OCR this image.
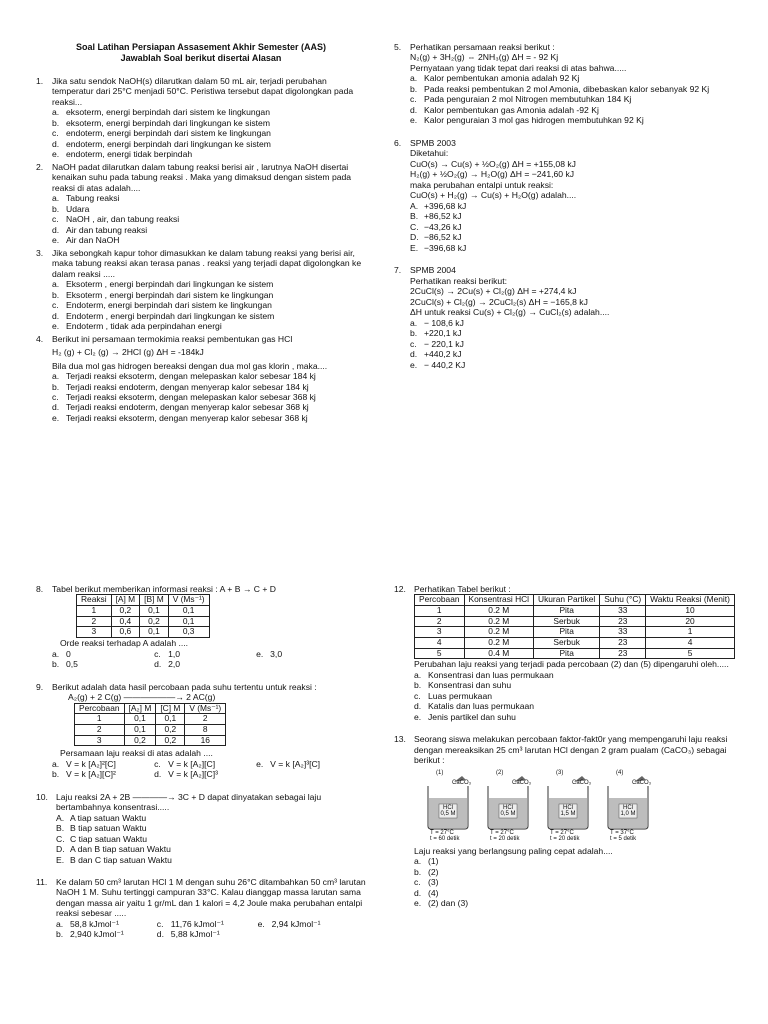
Soal Latihan Persiapan Assasement Akhir Semester (AAS)

Jawablah Soal berikut disertai Alasan

1.	Jika satu sendok NaOH(s) dilarutkan dalam 50 mL air, terjadi perubahan temperatur dari 25°C menjadi 50°C. Peristiwa tersebut dapat digolongkan pada reaksi...
a. eksoterm, energi berpindah dari sistem ke lingkungan
b. eksoterm, energi berpindah dari lingkungan ke sistem
c. endoterm, energi berpindah dari sistem ke lingkungan
d. endoterm, energi berpindah dari lingkungan ke sistem
e. endoterm, energi tidak berpindah
2.	NaOH padat dilarutkan dalam tabung reaksi berisi air , larutnya NaOH disertai kenaikan suhu pada tabung reaksi . Maka yang dimaksud dengan sistem pada reaksi di atas adalah....
a. Tabung reaksi
b. Udara
c. NaOH , air, dan tabung reaksi
d. Air dan tabung reaksi
e. Air dan NaOH
3.	Jika sebongkah kapur tohor dimasukkan ke dalam tabung reaksi yang berisi air, maka tabung reaksi akan terasa panas . reaksi yang terjadi dapat digolongkan ke dalam reaksi .....
a. Eksoterm , energi berpindah dari lingkungan ke sistem
b. Eksoterm , energi berpindah dari sistem ke lingkungan
c. Endoterm, energi berpindah dari sistem ke lingkungan
d. Endoterm , energi berpindah dari lingkungan ke sistem
e. Endoterm , tidak ada perpindahan energi
4.	Berikut ini persamaan termokimia reaksi pembentukan gas HCl
H₂ (g) + Cl₂ (g) → 2HCl (g) ΔH = -184kJ
Bila dua mol gas hidrogen bereaksi dengan dua mol gas klorin , maka....
a. Terjadi reaksi eksoterm, dengan melepaskan kalor sebesar 184 kj
b. Terjadi reaksi endoterm, dengan menyerap kalor sebesar 184 kj
c. Terjadi reaksi eksoterm, dengan melepaskan kalor sebesar 368 kj
d. Terjadi reaksi endoterm, dengan menyerap kalor sebesar 368 kj
e. Terjadi reaksi eksoterm, dengan menyerap kalor sebesar 368 kj
5.	Perhatikan persamaan reaksi berikut :
N₂(g) + 3H₂(g) ⇔ 2NH₃(g) ΔH = - 92 Kj
Pernyataan yang tidak tepat dari reaksi di atas bahwa.....
a. Kalor pembentukan amonia adalah 92 Kj
b. Pada reaksi pembentukan 2 mol Amonia, dibebaskan kalor sebanyak 92 Kj
c. Pada penguraian 2 mol Nitrogen membutuhkan 184 Kj
d. Kalor pembentukan gas Amonia adalah -92 Kj
e. Kalor penguraian 3 mol gas hidrogen membutuhkan 92 Kj
6.	SPMB 2003
Diketahui:
CuO(s) → Cu(s) + ½O₂(g) ΔH = +155,08 kJ
H₂(g) + ½O₂(g) → H₂O(g) ΔH = −241,60 kJ
maka perubahan entalpi untuk reaksi:
CuO(s) + H₂(g) → Cu(s) + H₂O(g) adalah....
A. +396,68 kJ
B. +86,52 kJ
C. −43,26 kJ
D. −86,52 kJ
E. −396,68 kJ
7.	SPMB 2004
Perhatikan reaksi berikut:
2CuCl(s) → 2Cu(s) + Cl₂(g) ΔH = +274,4 kJ
2CuCl(s) + Cl₂(g) → 2CuCl₂(s) ΔH = −165,8 kJ
ΔH untuk reaksi Cu(s) + Cl₂(g) → CuCl₂(s) adalah....
a. − 108,6 kJ
b. +220,1 kJ
c. − 220,1 kJ
d. +440,2 kJ
e. − 440,2 KJ
8.	Tabel berikut memberikan informasi reaksi : A + B → C + D
Reaksi	[A] M	[B] M	V (Ms⁻¹)
1	0,2	0,1	0,1
2	0,4	0,2	0,1
3	0,6	0,1	0,3
Orde reaksi terhadap A adalah ....
a. 0	c. 1,0	e. 3,0
b. 0,5	d. 2,0
9.	Berikut adalah data hasil percobaan pada suhu tertentu untuk reaksi :
A₂(g) + 2 C(g) ——————→ 2 AC(g)
Percobaan	[A₂] M	[C] M	V (Ms⁻¹)
1	0,1	0,1	2
2	0,1	0,2	8
3	0,2	0,2	16
Persamaan laju reaksi di atas adalah ....
a. V = k [A₂]²[C]	c. V = k [A₂][C]	e. V = k [A₂]³[C]
b. V = k [A₂][C]²	d. V = k [A₂][C]³
10. Laju reaksi 2A + 2B ————→ 3C + D dapat dinyatakan sebagai laju bertambahnya konsentrasi.....
A. A tiap satuan Waktu
B. B tiap satuan Waktu
C. C tiap satuan Waktu
D. A dan B tiap satuan Waktu
E. B dan C tiap satuan Waktu
11.	Ke dalam 50 cm³ larutan HCl 1 M dengan suhu 26°C ditambahkan 50 cm³ larutan NaOH 1 M. Suhu tertinggi campuran 33°C. Kalau dianggap massa larutan sama dengan massa air yaitu 1 gr/mL dan 1 kalori = 4,2 Joule maka perubahan entalpi reaksi sebesar .....
a. 58,8 kJmol⁻¹	c. 11,76 kJmol⁻¹	e. 2,94 kJmol⁻¹
b. 2,940 kJmol⁻¹	d. 5,88 kJmol⁻¹
12. Perhatikan Tabel berikut :
Percobaan	Konsentrasi HCl	Ukuran Partikel	Suhu (°C)	Waktu Reaksi (Menit)
1	0.2 M	Pita	33	10
2	0.2 M	Serbuk	23	20
3	0.2 M	Pita	33	1
4	0.2 M	Serbuk	23	4
5	0.4 M	Pita	23	5
Perubahan laju reaksi yang terjadi pada percobaan (2) dan (5) dipengaruhi oleh.....
a. Konsentrasi dan luas permukaan
b. Konsentrasi dan suhu
c. Luas permukaan
d. Katalis dan luas permukaan
e. Jenis partikel dan suhu
13. Seorang siswa melakukan percobaan faktor-fakt0r yang mempengaruhi laju reaksi dengan mereaksikan 25 cm³ larutan HCl dengan 2 gram pualam (CaCO₃) sebagai berikut :
(1)
CaCO₃
HCl 0,5 M
T = 27°C
t = 60 detik
(2)
CaCO₃
HCl 0,5 M
T = 27°C
t = 20 detik
(3)
CaCO₃
HCl 1,5 M
T = 27°C
t = 20 detik
(4)
CaCO₃
HCl 1,0 M
T = 37°C
t = 5 detik
Laju reaksi yang berlangsung paling cepat adalah....
a. (1)
b. (2)
c. (3)
d. (4)
e. (2) dan (3)
